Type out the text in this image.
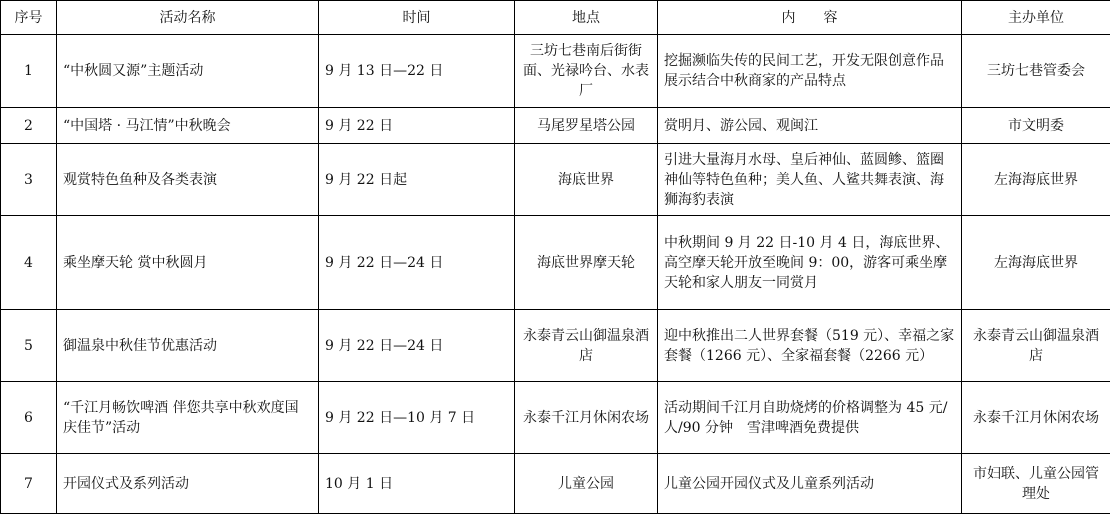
序号	活动名称	时间	地点	内　　容	主办单位
1	“中秋圆又源”主题活动	9 月 13 日—22 日	三坊七巷南后街街面、光禄吟台、水表厂	挖掘濒临失传的民间工艺，开发无限创意作品展示结合中秋商家的产品特点	三坊七巷管委会
2	“中国塔 · 马江情”中秋晚会	9 月 22 日	马尾罗星塔公园	赏明月、游公园、观闽江	市文明委
3	观赏特色鱼种及各类表演	9 月 22 日起	海底世界	引进大量海月水母、皇后神仙、蓝圆鲹、篮圈神仙等特色鱼种；美人鱼、人鲨共舞表演、海狮海豹表演	左海海底世界
4	乘坐摩天轮 赏中秋圆月	9 月 22 日—24 日	海底世界摩天轮	中秋期间 9 月 22 日-10 月 4 日，海底世界、高空摩天轮开放至晚间 9：00，游客可乘坐摩天轮和家人朋友一同赏月	左海海底世界
5	御温泉中秋佳节优惠活动	9 月 22 日—24 日	永泰青云山御温泉酒店	迎中秋推出二人世界套餐（519 元）、幸福之家套餐（1266 元）、全家福套餐（2266 元）	永泰青云山御温泉酒店
6	“千江月畅饮啤酒 伴您共享中秋欢度国庆佳节”活动	9 月 22 日—10 月 7 日	永泰千江月休闲农场	活动期间千江月自助烧烤的价格调整为 45 元/人/90 分钟　雪津啤酒免费提供	永泰千江月休闲农场
7	开园仪式及系列活动	10 月 1 日	儿童公园	儿童公园开园仪式及儿童系列活动	市妇联、儿童公园管理处
